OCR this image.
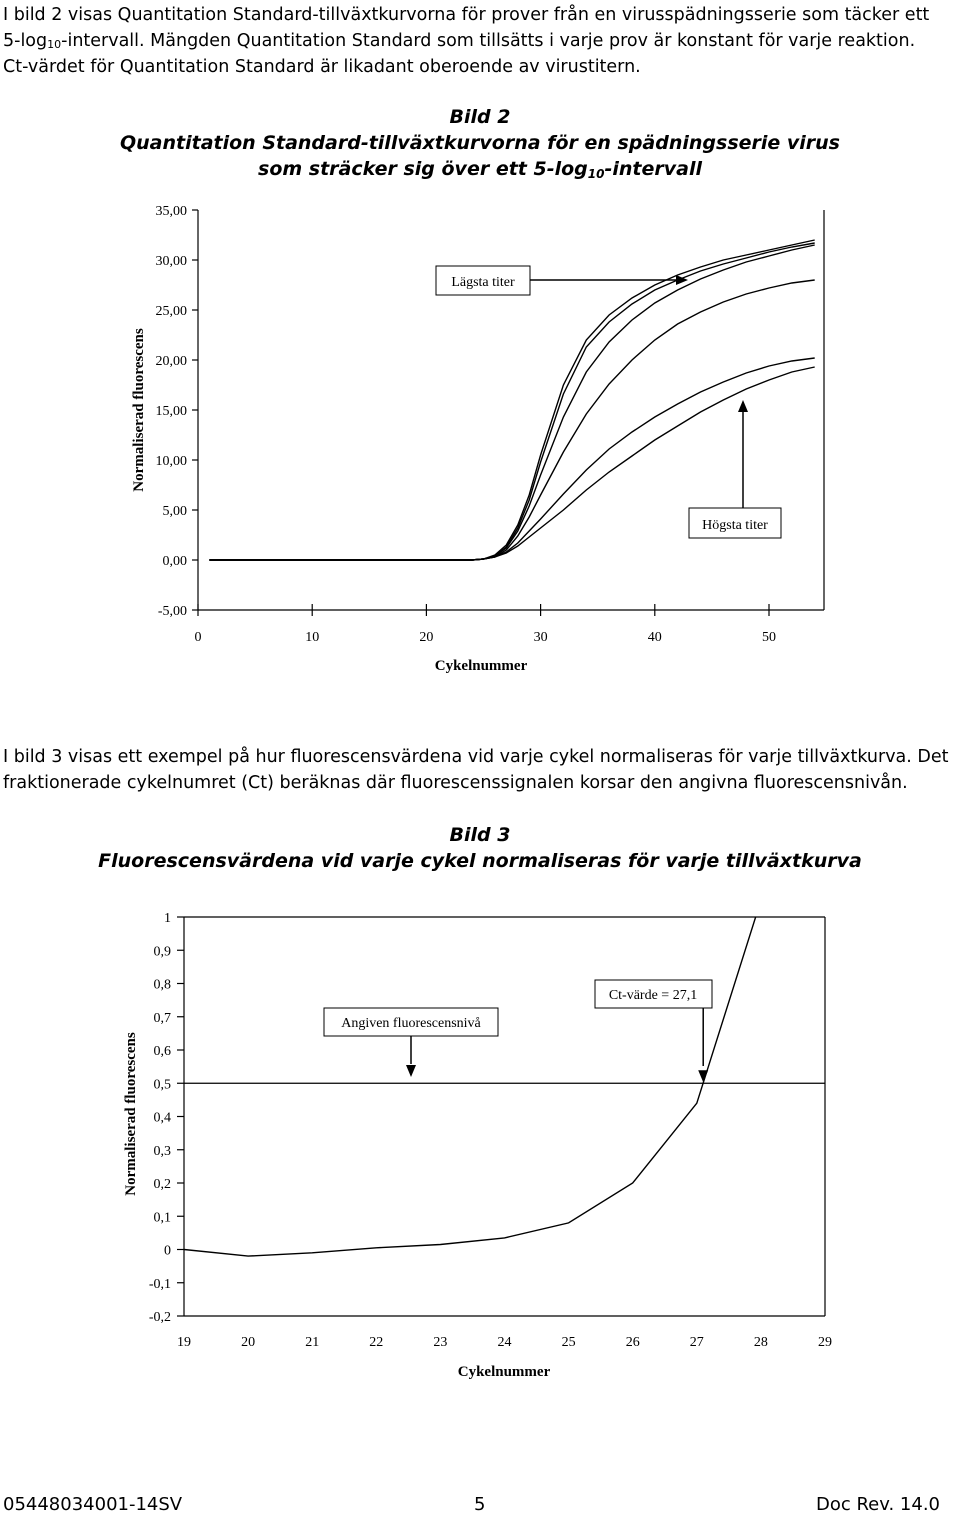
I bild 2 visas Quantitation Standard-tillväxtkurvorna för prover från en virusspädningsserie som täcker ett
$5-\log_{10}$-intervall. Mängden Quantitation Standard som tillsätts i varje prov är konstant för varje reaktion.
Ct-värdet för Quantitation Standard är likadant oberoende av virustitern.

Bild 2
Quantitation Standard-tillväxtkurvorna för en spädningsserie virus
som sträcker sig över ett $5-\log_{10}$-intervall
35,00
30,00
25,00
20,00
15,00
10,00
5,00
0,00
-5,00
0	10	20	30	40	50
Cykelnummer
Normaliserad fluorescens
Lägsta titer
Högsta titer

I bild 3 visas ett exempel på hur fluorescensvärdena vid varje cykel normaliseras för varje tillväxtkurva. Det
fraktionerade cykelnumret (Ct) beräknas där fluorescenssignalen korsar den angivna fluorescensnivån.

Bild 3
Fluorescensvärdena vid varje cykel normaliseras för varje tillväxtkurva
1
0,9
0,8
0,7
0,6
0,5
0,4
0,3
0,2
0,1
0
-0,1
-0,2
19	20	21	22	23	24	25	26	27	28	29
Cykelnummer
Normaliserad fluorescens
Angiven fluorescensnivå
Ct-värde = 27,1
05448034001-14SV	5	Doc Rev. 14.0
